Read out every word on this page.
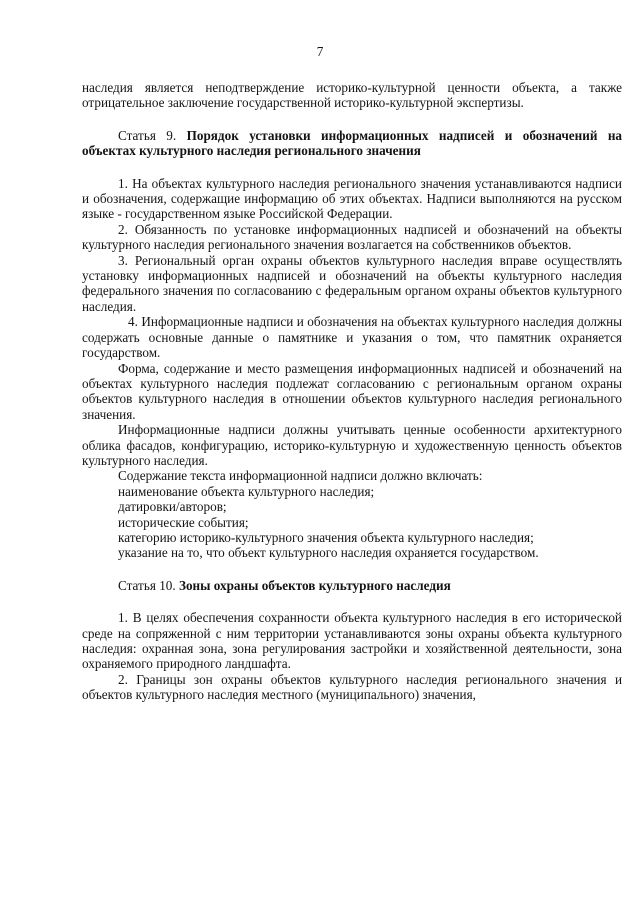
7

наследия является неподтверждение историко-культурной ценности объекта, а также отрицательное заключение государственной историко-культурной экспертизы.

Статья 9. Порядок установки информационных надписей и обозначений на объектах культурного наследия регионального значения

1. На объектах культурного наследия регионального значения устанавливаются надписи и обозначения, содержащие информацию об этих объектах. Надписи выполняются на русском языке - государственном языке Российской Федерации.

2. Обязанность по установке информационных надписей и обозначений на объекты культурного наследия регионального значения возлагается на собственников объектов.

3. Региональный орган охраны объектов культурного наследия вправе осуществлять установку информационных надписей и обозначений на объекты культурного наследия федерального значения по согласованию с федеральным органом охраны объектов культурного наследия.

4. Информационные надписи и обозначения на объектах культурного наследия должны содержать основные данные о памятнике и указания о том, что памятник охраняется государством.

Форма, содержание и место размещения информационных надписей и обозначений на объектах культурного наследия подлежат согласованию с региональным органом охраны объектов культурного наследия в отношении объектов культурного наследия регионального значения.

Информационные надписи должны учитывать ценные особенности архитектурного облика фасадов, конфигурацию, историко-культурную и художественную ценность объектов культурного наследия.

Содержание текста информационной надписи должно включать:

наименование объекта культурного наследия;

датировки/авторов;

исторические события;

категорию историко-культурного значения объекта культурного наследия;

указание на то, что объект культурного наследия охраняется государством.

Статья 10. Зоны охраны объектов культурного наследия

1. В целях обеспечения сохранности объекта культурного наследия в его исторической среде на сопряженной с ним территории устанавливаются зоны охраны объекта культурного наследия: охранная зона, зона регулирования застройки и хозяйственной деятельности, зона охраняемого природного ландшафта.

2. Границы зон охраны объектов культурного наследия регионального значения и объектов культурного наследия местного (муниципального) значения,
